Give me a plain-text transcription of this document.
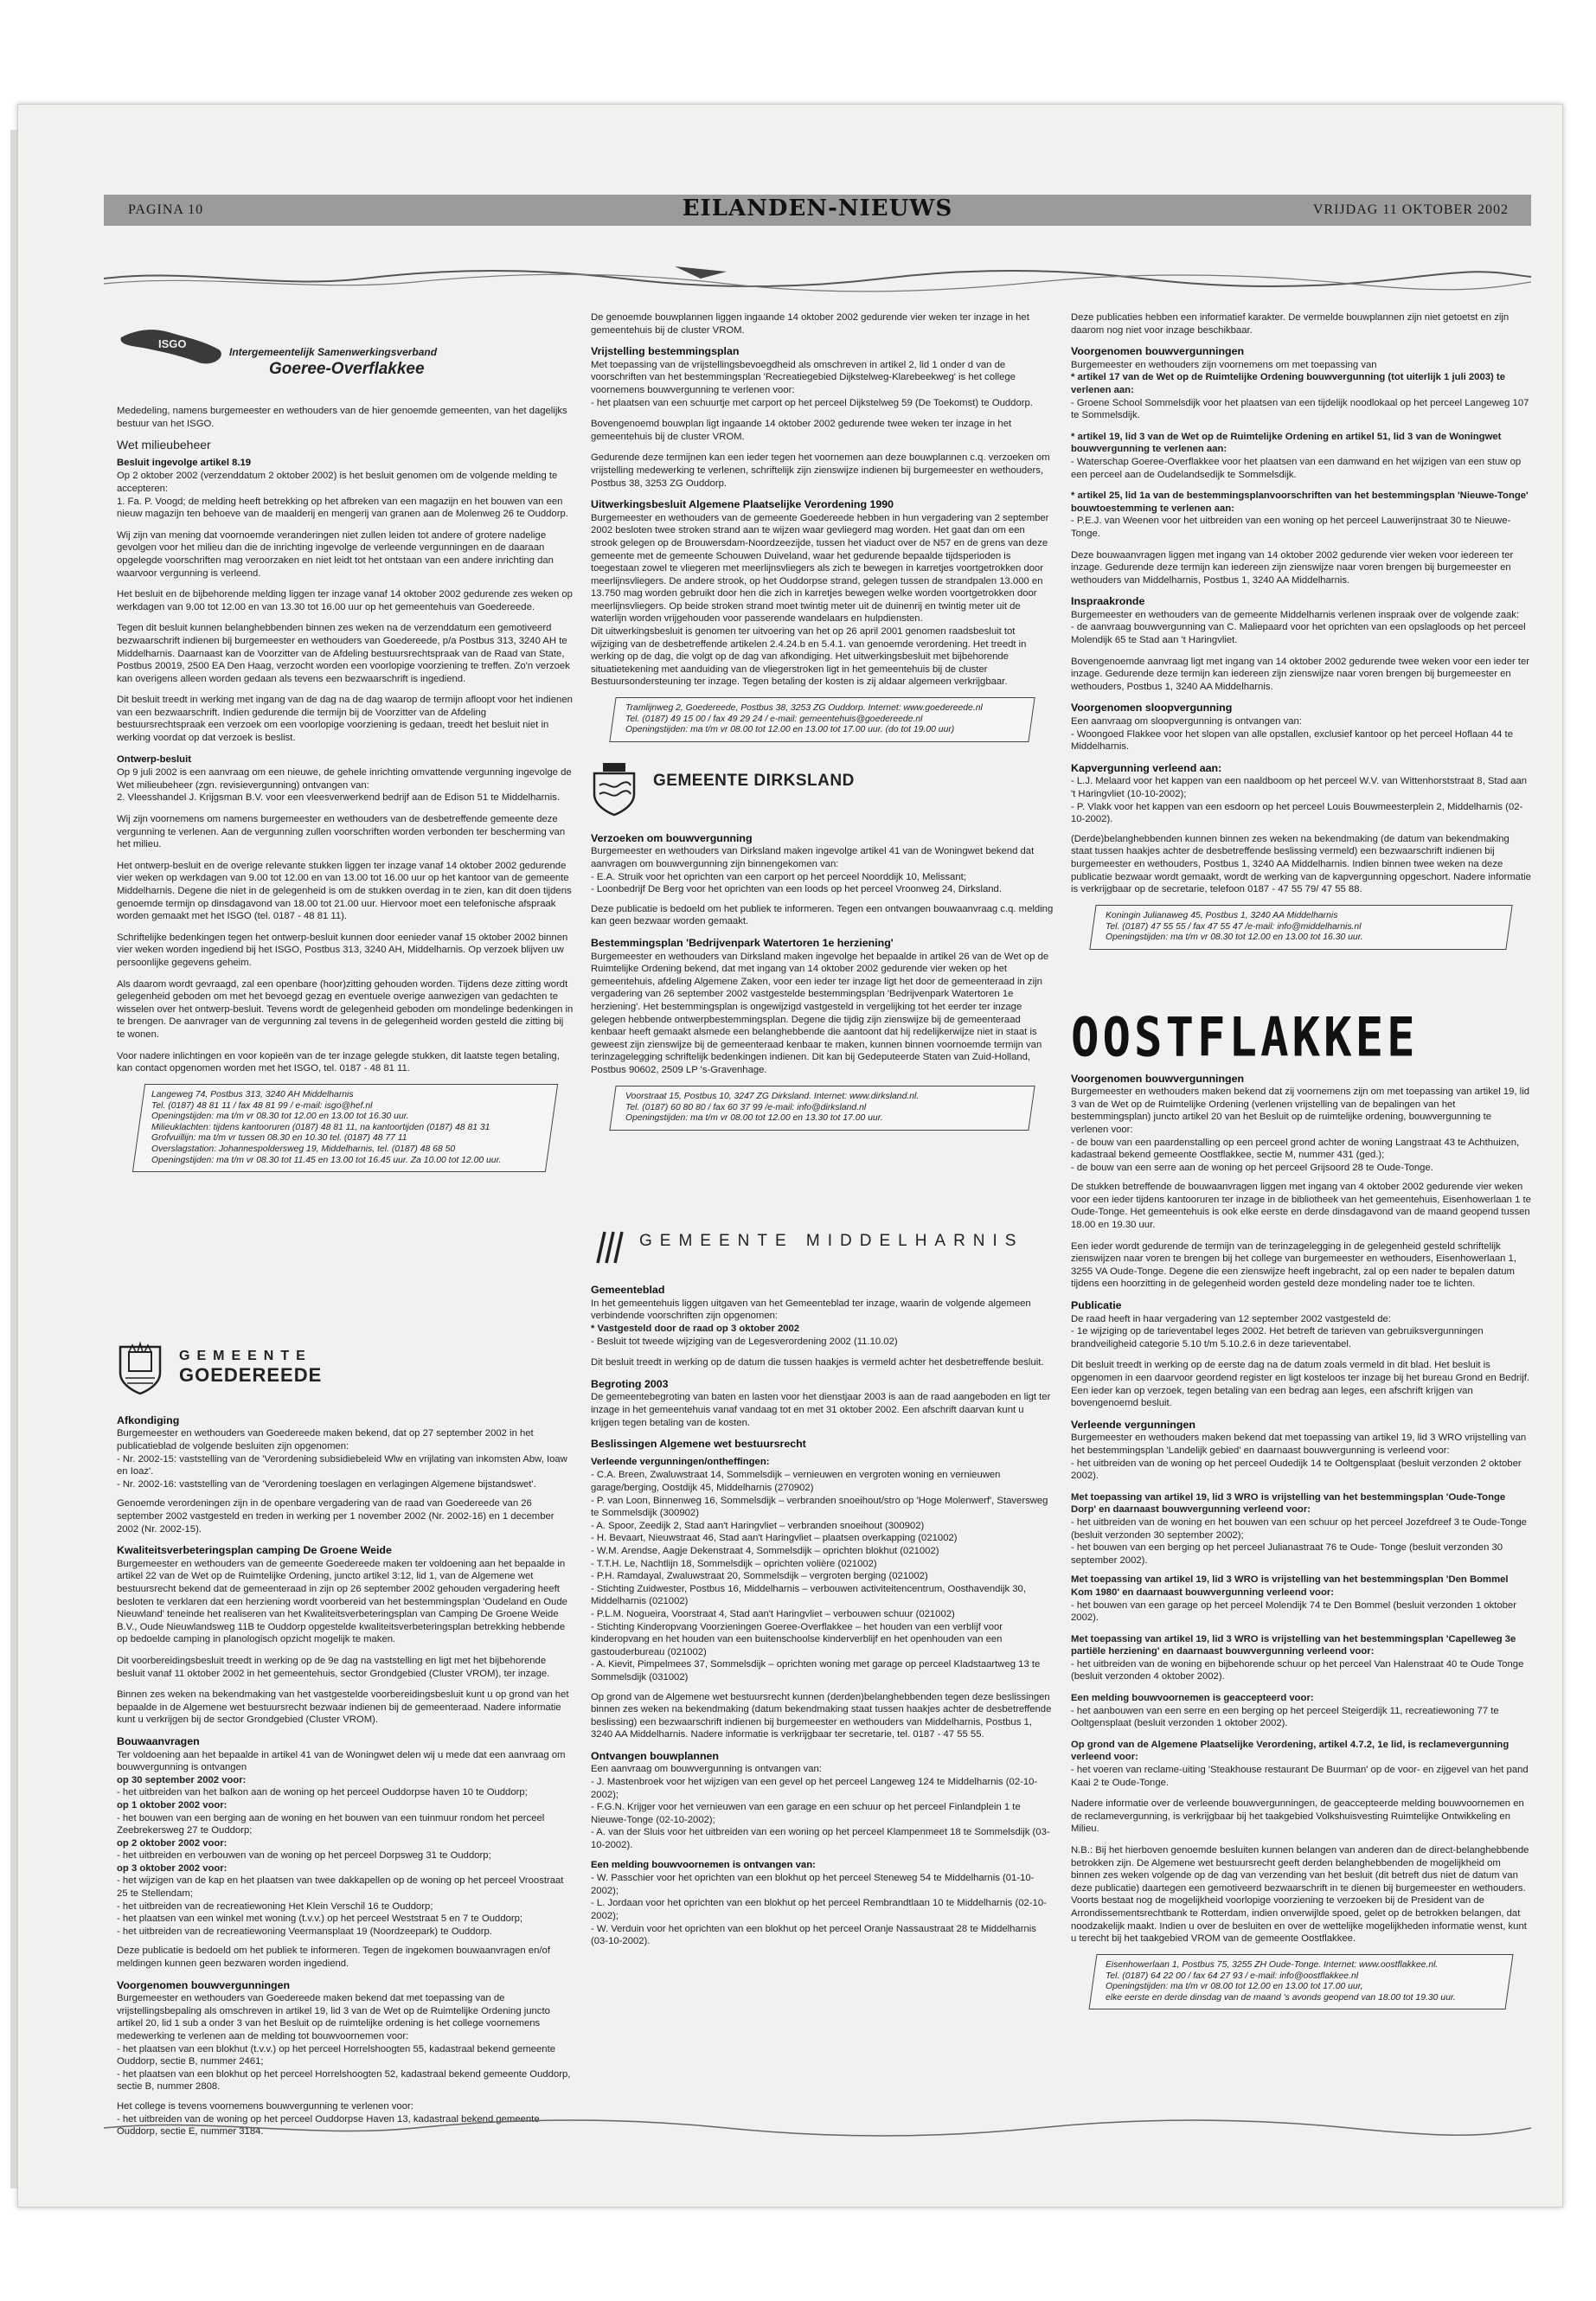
PAGINA 10	EILANDEN-NIEUWS	VRIJDAG 11 OKTOBER 2002
ISGO
Intergemeentelijk Samenwerkingsverband
Goeree-Overflakkee

Mededeling, namens burgemeester en wethouders van de hier genoemde gemeenten, van het dagelijks bestuur van het ISGO.

Wet milieubeheer
Besluit ingevolge artikel 8.19

Op 2 oktober 2002 (verzenddatum 2 oktober 2002) is het besluit genomen om de volgende melding te accepteren:

1. Fa. P. Voogd; de melding heeft betrekking op het afbreken van een magazijn en het bouwen van een nieuw magazijn ten behoeve van de maalderij en mengerij van granen aan de Molenweg 26 te Ouddorp.

Wij zijn van mening dat voornoemde veranderingen niet zullen leiden tot andere of grotere nadelige gevolgen voor het milieu dan die de inrichting ingevolge de verleende vergunningen en de daaraan opgelegde voorschriften mag veroorzaken en niet leidt tot het ontstaan van een andere inrichting dan waarvoor vergunning is verleend.

Het besluit en de bijbehorende melding liggen ter inzage vanaf 14 oktober 2002 gedurende zes weken op werkdagen van 9.00 tot 12.00 en van 13.30 tot 16.00 uur op het gemeentehuis van Goedereede.

Tegen dit besluit kunnen belanghebbenden binnen zes weken na de verzenddatum een gemotiveerd bezwaarschrift indienen bij burgemeester en wethouders van Goedereede, p/a Postbus 313, 3240 AH te Middelharnis. Daarnaast kan de Voorzitter van de Afdeling bestuursrechtspraak van de Raad van State, Postbus 20019, 2500 EA Den Haag, verzocht worden een voorlopige voorziening te treffen. Zo'n verzoek kan overigens alleen worden gedaan als tevens een bezwaarschrift is ingediend.

Dit besluit treedt in werking met ingang van de dag na de dag waarop de termijn afloopt voor het indienen van een bezwaarschrift. Indien gedurende die termijn bij de Voorzitter van de Afdeling bestuursrechtspraak een verzoek om een voorlopige voorziening is gedaan, treedt het besluit niet in werking voordat op dat verzoek is beslist.

Ontwerp-besluit

Op 9 juli 2002 is een aanvraag om een nieuwe, de gehele inrichting omvattende vergunning ingevolge de Wet milieubeheer (zgn. revisievergunning) ontvangen van:

2. Vleesshandel J. Krijgsman B.V. voor een vleesverwerkend bedrijf aan de Edison 51 te Middelharnis.

Wij zijn voornemens om namens burgemeester en wethouders van de desbetreffende gemeente deze vergunning te verlenen. Aan de vergunning zullen voorschriften worden verbonden ter bescherming van het milieu.

Het ontwerp-besluit en de overige relevante stukken liggen ter inzage vanaf 14 oktober 2002 gedurende vier weken op werkdagen van 9.00 tot 12.00 en van 13.00 tot 16.00 uur op het kantoor van de gemeente Middelharnis. Degene die niet in de gelegenheid is om de stukken overdag in te zien, kan dit doen tijdens genoemde termijn op dinsdagavond van 18.00 tot 21.00 uur. Hiervoor moet een telefonische afspraak worden gemaakt met het ISGO (tel. 0187 - 48 81 11).

Schriftelijke bedenkingen tegen het ontwerp-besluit kunnen door eenieder vanaf 15 oktober 2002 binnen vier weken worden ingediend bij het ISGO, Postbus 313, 3240 AH, Middelharnis. Op verzoek blijven uw persoonlijke gegevens geheim.

Als daarom wordt gevraagd, zal een openbare (hoor)zitting gehouden worden. Tijdens deze zitting wordt gelegenheid geboden om met het bevoegd gezag en eventuele overige aanwezigen van gedachten te wisselen over het ontwerp-besluit. Tevens wordt de gelegenheid geboden om mondelinge bedenkingen in te brengen. De aanvrager van de vergunning zal tevens in de gelegenheid worden gesteld die zitting bij te wonen.

Voor nadere inlichtingen en voor kopieën van de ter inzage gelegde stukken, dit laatste tegen betaling, kan contact opgenomen worden met het ISGO, tel. 0187 - 48 81 11.

Langeweg 74, Postbus 313, 3240 AH Middelharnis
Tel. (0187) 48 81 11 / fax 48 81 99 / e-mail: isgo@hef.nl
Openingstijden: ma t/m vr 08.30 tot 12.00 en 13.00 tot 16.30 uur.
Milieuklachten: tijdens kantooruren (0187) 48 81 11, na kantoortijden (0187) 48 81 31
Grofvuillijn: ma t/m vr tussen 08.30 en 10.30 tel. (0187) 48 77 11
Overslagstation: Johannespoldersweg 19, Middelharnis, tel. (0187) 48 68 50
Openingstijden: ma t/m vr 08.30 tot 11.45 en 13.00 tot 16.45 uur. Za 10.00 tot 12.00 uur.
GEMEENTE
GOEDEREEDE
Afkondiging

Burgemeester en wethouders van Goedereede maken bekend, dat op 27 september 2002 in het publicatieblad de volgende besluiten zijn opgenomen:

- Nr. 2002-15: vaststelling van de 'Verordening subsidiebeleid Wlw en vrijlating van inkomsten Abw, Ioaw en Ioaz'.
- Nr. 2002-16: vaststelling van de 'Verordening toeslagen en verlagingen Algemene bijstandswet'.

Genoemde verordeningen zijn in de openbare vergadering van de raad van Goedereede van 26 september 2002 vastgesteld en treden in werking per 1 november 2002 (Nr. 2002-16) en 1 december 2002 (Nr. 2002-15).

Kwaliteitsverbeteringsplan camping De Groene Weide

Burgemeester en wethouders van de gemeente Goedereede maken ter voldoening aan het bepaalde in artikel 22 van de Wet op de Ruimtelijke Ordening, juncto artikel 3:12, lid 1, van de Algemene wet bestuursrecht bekend dat de gemeenteraad in zijn op 26 september 2002 gehouden vergadering heeft besloten te verklaren dat een herziening wordt voorbereid van het bestemmingsplan 'Oudeland en Oude Nieuwland' teneinde het realiseren van het Kwaliteitsverbeteringsplan van Camping De Groene Weide B.V., Oude Nieuwlandsweg 11B te Ouddorp opgestelde kwaliteitsverbeteringsplan betrekking hebbende op bedoelde camping in planologisch opzicht mogelijk te maken.

Dit voorbereidingsbesluit treedt in werking op de 9e dag na vaststelling en ligt met het bijbehorende besluit vanaf 11 oktober 2002 in het gemeentehuis, sector Grondgebied (Cluster VROM), ter inzage.

Binnen zes weken na bekendmaking van het vastgestelde voorbereidingsbesluit kunt u op grond van het bepaalde in de Algemene wet bestuursrecht bezwaar indienen bij de gemeenteraad. Nadere informatie kunt u verkrijgen bij de sector Grondgebied (Cluster VROM).

Bouwaanvragen

Ter voldoening aan het bepaalde in artikel 41 van de Woningwet delen wij u mede dat een aanvraag om bouwvergunning is ontvangen

op 30 september 2002 voor:
- het uitbreiden van het balkon aan de woning op het perceel Ouddorpse haven 10 te Ouddorp;
op 1 oktober 2002 voor:
- het bouwen van een berging aan de woning en het bouwen van een tuinmuur rondom het perceel Zeebrekersweg 27 te Ouddorp;
op 2 oktober 2002 voor:
- het uitbreiden en verbouwen van de woning op het perceel Dorpsweg 31 te Ouddorp;
op 3 oktober 2002 voor:
- het wijzigen van de kap en het plaatsen van twee dakkapellen op de woning op het perceel Vroostraat 25 te Stellendam;
- het uitbreiden van de recreatiewoning Het Klein Verschil 16 te Ouddorp;
- het plaatsen van een winkel met woning (t.v.v.) op het perceel Weststraat 5 en 7 te Ouddorp;
- het uitbreiden van de recreatiewoning Veermansplaat 19 (Noordzeepark) te Ouddorp.

Deze publicatie is bedoeld om het publiek te informeren. Tegen de ingekomen bouwaanvragen en/of meldingen kunnen geen bezwaren worden ingediend.

Voorgenomen bouwvergunningen

Burgemeester en wethouders van Goedereede maken bekend dat met toepassing van de vrijstellingsbepaling als omschreven in artikel 19, lid 3 van de Wet op de Ruimtelijke Ordening juncto artikel 20, lid 1 sub a onder 3 van het Besluit op de ruimtelijke ordening is het college voornemens medewerking te verlenen aan de melding tot bouwvoornemen voor:

- het plaatsen van een blokhut (t.v.v.) op het perceel Horrelshoogten 55, kadastraal bekend gemeente Ouddorp, sectie B, nummer 2461;
- het plaatsen van een blokhut op het perceel Horrelshoogten 52, kadastraal bekend gemeente Ouddorp, sectie B, nummer 2808.

Het college is tevens voornemens bouwvergunning te verlenen voor:

- het uitbreiden van de woning op het perceel Ouddorpse Haven 13, kadastraal bekend gemeente Ouddorp, sectie E, nummer 3184.

De genoemde bouwplannen liggen ingaande 14 oktober 2002 gedurende vier weken ter inzage in het gemeentehuis bij de cluster VROM.

Vrijstelling bestemmingsplan

Met toepassing van de vrijstellingsbevoegdheid als omschreven in artikel 2, lid 1 onder d van de voorschriften van het bestemmingsplan 'Recreatiegebied Dijkstelweg-Klarebeekweg' is het college voornemens bouwvergunning te verlenen voor:

- het plaatsen van een schuurtje met carport op het perceel Dijkstelweg 59 (De Toekomst) te Ouddorp.

Bovengenoemd bouwplan ligt ingaande 14 oktober 2002 gedurende twee weken ter inzage in het gemeentehuis bij de cluster VROM.

Gedurende deze termijnen kan een ieder tegen het voornemen aan deze bouwplannen c.q. verzoeken om vrijstelling medewerking te verlenen, schriftelijk zijn zienswijze indienen bij burgemeester en wethouders, Postbus 38, 3253 ZG Ouddorp.

Uitwerkingsbesluit Algemene Plaatselijke Verordening 1990

Burgemeester en wethouders van de gemeente Goedereede hebben in hun vergadering van 2 september 2002 besloten twee stroken strand aan te wijzen waar gevliegerd mag worden. Het gaat dan om een strook gelegen op de Brouwersdam-Noordzeezijde, tussen het viaduct over de N57 en de grens van deze gemeente met de gemeente Schouwen Duiveland, waar het gedurende bepaalde tijdsperioden is toegestaan zowel te vliegeren met meerlijnsvliegers als zich te bewegen in karretjes voortgetrokken door meerlijnsvliegers. De andere strook, op het Ouddorpse strand, gelegen tussen de strandpalen 13.000 en 13.750 mag worden gebruikt door hen die zich in karretjes bewegen welke worden voortgetrokken door meerlijnsvliegers. Op beide stroken strand moet twintig meter uit de duinenrij en twintig meter uit de waterlijn worden vrijgehouden voor passerende wandelaars en hulpdiensten.

Dit uitwerkingsbesluit is genomen ter uitvoering van het op 26 april 2001 genomen raadsbesluit tot wijziging van de desbetreffende artikelen 2.4.24.b en 5.4.1. van genoemde verordening. Het treedt in werking op de dag, die volgt op de dag van afkondiging. Het uitwerkingsbesluit met bijbehorende situatietekening met aanduiding van de vliegerstroken ligt in het gemeentehuis bij de cluster Bestuursondersteuning ter inzage. Tegen betaling der kosten is zij aldaar algemeen verkrijgbaar.

Tramlijnweg 2, Goedereede, Postbus 38, 3253 ZG Ouddorp. Internet: www.goedereede.nl
Tel. (0187) 49 15 00 / fax 49 29 24 / e-mail: gemeentehuis@goedereede.nl
Openingstijden: ma t/m vr 08.00 tot 12.00 en 13.00 tot 17.00 uur. (do tot 19.00 uur)
GEMEENTE DIRKSLAND
Verzoeken om bouwvergunning

Burgemeester en wethouders van Dirksland maken ingevolge artikel 41 van de Woningwet bekend dat aanvragen om bouwvergunning zijn binnengekomen van:

- E.A. Struik voor het oprichten van een carport op het perceel Noorddijk 10, Melissant;
- Loonbedrijf De Berg voor het oprichten van een loods op het perceel Vroonweg 24, Dirksland.

Deze publicatie is bedoeld om het publiek te informeren. Tegen een ontvangen bouwaanvraag c.q. melding kan geen bezwaar worden gemaakt.

Bestemmingsplan 'Bedrijvenpark Watertoren 1e herziening'

Burgemeester en wethouders van Dirksland maken ingevolge het bepaalde in artikel 26 van de Wet op de Ruimtelijke Ordening bekend, dat met ingang van 14 oktober 2002 gedurende vier weken op het gemeentehuis, afdeling Algemene Zaken, voor een ieder ter inzage ligt het door de gemeenteraad in zijn vergadering van 26 september 2002 vastgestelde bestemmingsplan 'Bedrijvenpark Watertoren 1e herziening'. Het bestemmingsplan is ongewijzigd vastgesteld in vergelijking tot het eerder ter inzage gelegen hebbende ontwerpbestemmingsplan. Degene die tijdig zijn zienswijze bij de gemeenteraad kenbaar heeft gemaakt alsmede een belanghebbende die aantoont dat hij redelijkerwijze niet in staat is geweest zijn zienswijze bij de gemeenteraad kenbaar te maken, kunnen binnen voornoemde termijn van terinzagelegging schriftelijk bedenkingen indienen. Dit kan bij Gedeputeerde Staten van Zuid-Holland, Postbus 90602, 2509 LP 's-Gravenhage.

Voorstraat 15, Postbus 10, 3247 ZG Dirksland. Internet: www.dirksland.nl.
Tel. (0187) 60 80 80 / fax 60 37 99 /e-mail: info@dirksland.nl
Openingstijden: ma t/m vr 08.00 tot 12.00 en 13.30 tot 17.00 uur.
GEMEENTE MIDDELHARNIS
Gemeenteblad

In het gemeentehuis liggen uitgaven van het Gemeenteblad ter inzage, waarin de volgende algemeen verbindende voorschriften zijn opgenomen:

* Vastgesteld door de raad op 3 oktober 2002

- Besluit tot tweede wijziging van de Legesverordening 2002 (11.10.02)

Dit besluit treedt in werking op de datum die tussen haakjes is vermeld achter het desbetreffende besluit.

Begroting 2003

De gemeentebegroting van baten en lasten voor het dienstjaar 2003 is aan de raad aangeboden en ligt ter inzage in het gemeentehuis vanaf vandaag tot en met 31 oktober 2002. Een afschrift daarvan kunt u krijgen tegen betaling van de kosten.

Beslissingen Algemene wet bestuursrecht
Verleende vergunningen/ontheffingen:
- C.A. Breen, Zwaluwstraat 14, Sommelsdijk – vernieuwen en vergroten woning en vernieuwen garage/berging, Oostdijk 45, Middelharnis (270902)
- P. van Loon, Binnenweg 16, Sommelsdijk – verbranden snoeihout/stro op 'Hoge Molenwerf', Staversweg te Sommelsdijk (300902)
- A. Spoor, Zeedijk 2, Stad aan't Haringvliet – verbranden snoeihout (300902)
- H. Bevaart, Nieuwstraat 46, Stad aan't Haringvliet – plaatsen overkapping (021002)
- W.M. Arendse, Aagje Dekenstraat 4, Sommelsdijk – oprichten blokhut (021002)
- T.T.H. Le, Nachtlijn 18, Sommelsdijk – oprichten volière (021002)
- P.H. Ramdayal, Zwaluwstraat 20, Sommelsdijk – vergroten berging (021002)
- Stichting Zuidwester, Postbus 16, Middelharnis – verbouwen activiteitencentrum, Oosthavendijk 30, Middelharnis (021002)
- P.L.M. Nogueira, Voorstraat 4, Stad aan't Haringvliet – verbouwen schuur (021002)
- Stichting Kinderopvang Voorzieningen Goeree-Overflakkee – het houden van een verblijf voor kinderopvang en het houden van een buitenschoolse kinderverblijf en het openhouden van een gastouderbureau (021002)
- A. Kievit, Pimpelmees 37, Sommelsdijk – oprichten woning met garage op perceel Kladstaartweg 13 te Sommelsdijk (031002)

Op grond van de Algemene wet bestuursrecht kunnen (derden)belanghebbenden tegen deze beslissingen binnen zes weken na bekendmaking (datum bekendmaking staat tussen haakjes achter de desbetreffende beslissing) een bezwaarschrift indienen bij burgemeester en wethouders van Middelharnis, Postbus 1, 3240 AA Middelharnis. Nadere informatie is verkrijgbaar ter secretarie, tel. 0187 - 47 55 55.

Ontvangen bouwplannen

Een aanvraag om bouwvergunning is ontvangen van:

- J. Mastenbroek voor het wijzigen van een gevel op het perceel Langeweg 124 te Middelharnis (02-10-2002);
- F.G.N. Krijger voor het vernieuwen van een garage en een schuur op het perceel Finlandplein 1 te Nieuwe-Tonge (02-10-2002);
- A. van der Sluis voor het uitbreiden van een woning op het perceel Klampenmeet 18 te Sommelsdijk (03-10-2002).
Een melding bouwvoornemen is ontvangen van:
- W. Passchier voor het oprichten van een blokhut op het perceel Steneweg 54 te Middelharnis (01-10-2002);
- L. Jordaan voor het oprichten van een blokhut op het perceel Rembrandtlaan 10 te Middelharnis (02-10-2002);
- W. Verduin voor het oprichten van een blokhut op het perceel Oranje Nassaustraat 28 te Middelharnis (03-10-2002).

Deze publicaties hebben een informatief karakter. De vermelde bouwplannen zijn niet getoetst en zijn daarom nog niet voor inzage beschikbaar.

Voorgenomen bouwvergunningen

Burgemeester en wethouders zijn voornemens om met toepassing van

* artikel 17 van de Wet op de Ruimtelijke Ordening bouwvergunning (tot uiterlijk 1 juli 2003) te verlenen aan:

- Groene School Sommelsdijk voor het plaatsen van een tijdelijk noodlokaal op het perceel Langeweg 107 te Sommelsdijk.

* artikel 19, lid 3 van de Wet op de Ruimtelijke Ordening en artikel 51, lid 3 van de Woningwet bouwvergunning te verlenen aan:

- Waterschap Goeree-Overflakkee voor het plaatsen van een damwand en het wijzigen van een stuw op een perceel aan de Oudelandsedijk te Sommelsdijk.

* artikel 25, lid 1a van de bestemmingsplanvoorschriften van het bestemmingsplan 'Nieuwe-Tonge' bouwtoestemming te verlenen aan:

- P.E.J. van Weenen voor het uitbreiden van een woning op het perceel Lauwerijnstraat 30 te Nieuwe-Tonge.

Deze bouwaanvragen liggen met ingang van 14 oktober 2002 gedurende vier weken voor iedereen ter inzage. Gedurende deze termijn kan iedereen zijn zienswijze naar voren brengen bij burgemeester en wethouders van Middelharnis, Postbus 1, 3240 AA Middelharnis.

Inspraakronde

Burgemeester en wethouders van de gemeente Middelharnis verlenen inspraak over de volgende zaak:

- de aanvraag bouwvergunning van C. Maliepaard voor het oprichten van een opslagloods op het perceel Molendijk 65 te Stad aan 't Haringvliet.

Bovengenoemde aanvraag ligt met ingang van 14 oktober 2002 gedurende twee weken voor een ieder ter inzage. Gedurende deze termijn kan iedereen zijn zienswijze naar voren brengen bij burgemeester en wethouders, Postbus 1, 3240 AA Middelharnis.

Voorgenomen sloopvergunning

Een aanvraag om sloopvergunning is ontvangen van:

- Woongoed Flakkee voor het slopen van alle opstallen, exclusief kantoor op het perceel Hoflaan 44 te Middelharnis.

Kapvergunning verleend aan:
- L.J. Melaard voor het kappen van een naaldboom op het perceel W.V. van Wittenhorststraat 8, Stad aan 't Haringvliet (10-10-2002);
- P. Vlakk voor het kappen van een esdoorn op het perceel Louis Bouwmeesterplein 2, Middelharnis (02-10-2002).

(Derde)belanghebbenden kunnen binnen zes weken na bekendmaking (de datum van bekendmaking staat tussen haakjes achter de desbetreffende beslissing vermeld) een bezwaarschrift indienen bij burgemeester en wethouders, Postbus 1, 3240 AA Middelharnis. Indien binnen twee weken na deze publicatie bezwaar wordt gemaakt, wordt de werking van de kapvergunning opgeschort. Nadere informatie is verkrijgbaar op de secretarie, telefoon 0187 - 47 55 79/ 47 55 88.

Koningin Julianaweg 45, Postbus 1, 3240 AA Middelharnis
Tel. (0187) 47 55 55 / fax 47 55 47 /e-mail: info@middelharnis.nl
Openingstijden: ma t/m vr 08.30 tot 12.00 en 13.00 tot 16.30 uur.
OOSTFLAKKEE
Voorgenomen bouwvergunningen

Burgemeester en wethouders maken bekend dat zij voornemens zijn om met toepassing van artikel 19, lid 3 van de Wet op de Ruimtelijke Ordening (verlenen vrijstelling van de bepalingen van het bestemmingsplan) juncto artikel 20 van het Besluit op de ruimtelijke ordening, bouwvergunning te verlenen voor:

- de bouw van een paardenstalling op een perceel grond achter de woning Langstraat 43 te Achthuizen, kadastraal bekend gemeente Oostflakkee, sectie M, nummer 431 (ged.);
- de bouw van een serre aan de woning op het perceel Grijsoord 28 te Oude-Tonge.

De stukken betreffende de bouwaanvragen liggen met ingang van 4 oktober 2002 gedurende vier weken voor een ieder tijdens kantooruren ter inzage in de bibliotheek van het gemeentehuis, Eisenhowerlaan 1 te Oude-Tonge. Het gemeentehuis is ook elke eerste en derde dinsdagavond van de maand geopend tussen 18.00 en 19.30 uur.

Een ieder wordt gedurende de termijn van de terinzagelegging in de gelegenheid gesteld schriftelijk zienswijzen naar voren te brengen bij het college van burgemeester en wethouders, Eisenhowerlaan 1, 3255 VA Oude-Tonge. Degene die een zienswijze heeft ingebracht, zal op een nader te bepalen datum tijdens een hoorzitting in de gelegenheid worden gesteld deze mondeling nader toe te lichten.

Publicatie

De raad heeft in haar vergadering van 12 september 2002 vastgesteld de:

- 1e wijziging op de tarieventabel leges 2002. Het betreft de tarieven van gebruiksvergunningen brandveiligheid categorie 5.10 t/m 5.10.2.6 in deze tarieventabel.

Dit besluit treedt in werking op de eerste dag na de datum zoals vermeld in dit blad. Het besluit is opgenomen in een daarvoor geordend register en ligt kosteloos ter inzage bij het bureau Grond en Bedrijf. Een ieder kan op verzoek, tegen betaling van een bedrag aan leges, een afschrift krijgen van bovengenoemd besluit.

Verleende vergunningen

Burgemeester en wethouders maken bekend dat met toepassing van artikel 19, lid 3 WRO vrijstelling van het bestemmingsplan 'Landelijk gebied' en daarnaast bouwvergunning is verleend voor:

- het uitbreiden van de woning op het perceel Oudedijk 14 te Ooltgensplaat (besluit verzonden 2 oktober 2002).

Met toepassing van artikel 19, lid 3 WRO is vrijstelling van het bestemmingsplan 'Oude-Tonge Dorp' en daarnaast bouwvergunning verleend voor:

- het uitbreiden van de woning en het bouwen van een schuur op het perceel Jozefdreef 3 te Oude-Tonge (besluit verzonden 30 september 2002);
- het bouwen van een berging op het perceel Julianastraat 76 te Oude- Tonge (besluit verzonden 30 september 2002).

Met toepassing van artikel 19, lid 3 WRO is vrijstelling van het bestemmingsplan 'Den Bommel Kom 1980' en daarnaast bouwvergunning verleend voor:

- het bouwen van een garage op het perceel Molendijk 74 te Den Bommel (besluit verzonden 1 oktober 2002).

Met toepassing van artikel 19, lid 3 WRO is vrijstelling van het bestemmingsplan 'Capelleweg 3e partiële herziening' en daarnaast bouwvergunning verleend voor:

- het uitbreiden van de woning en bijbehorende schuur op het perceel Van Halenstraat 40 te Oude Tonge (besluit verzonden 4 oktober 2002).

Een melding bouwvoornemen is geaccepteerd voor:

- het aanbouwen van een serre en een berging op het perceel Steigerdijk 11, recreatiewoning 77 te Ooltgensplaat (besluit verzonden 1 oktober 2002).

Op grond van de Algemene Plaatselijke Verordening, artikel 4.7.2, 1e lid, is reclamevergunning verleend voor:

- het voeren van reclame-uiting 'Steakhouse restaurant De Buurman' op de voor- en zijgevel van het pand Kaai 2 te Oude-Tonge.

Nadere informatie over de verleende bouwvergunningen, de geaccepteerde melding bouwvoornemen en de reclamevergunning, is verkrijgbaar bij het taakgebied Volkshuisvesting Ruimtelijke Ontwikkeling en Milieu.

N.B.: Bij het hierboven genoemde besluiten kunnen belangen van anderen dan de direct-belanghebbende betrokken zijn. De Algemene wet bestuursrecht geeft derden belanghebbenden de mogelijkheid om binnen zes weken volgende op de dag van verzending van het besluit (dit betreft dus niet de datum van deze publicatie) daartegen een gemotiveerd bezwaarschrift in te dienen bij burgemeester en wethouders. Voorts bestaat nog de mogelijkheid voorlopige voorziening te verzoeken bij de President van de Arrondissementsrechtbank te Rotterdam, indien onverwijlde spoed, gelet op de betrokken belangen, dat noodzakelijk maakt. Indien u over de besluiten en over de wettelijke mogelijkheden informatie wenst, kunt u terecht bij het taakgebied VROM van de gemeente Oostflakkee.

Eisenhowerlaan 1, Postbus 75, 3255 ZH Oude-Tonge. Internet: www.oostflakkee.nl.
Tel. (0187) 64 22 00 / fax 64 27 93 / e-mail: info@oostflakkee.nl
Openingstijden: ma t/m vr 08.00 tot 12.00 en 13.00 tot 17.00 uur,
elke eerste en derde dinsdag van de maand 's avonds geopend van 18.00 tot 19.30 uur.
